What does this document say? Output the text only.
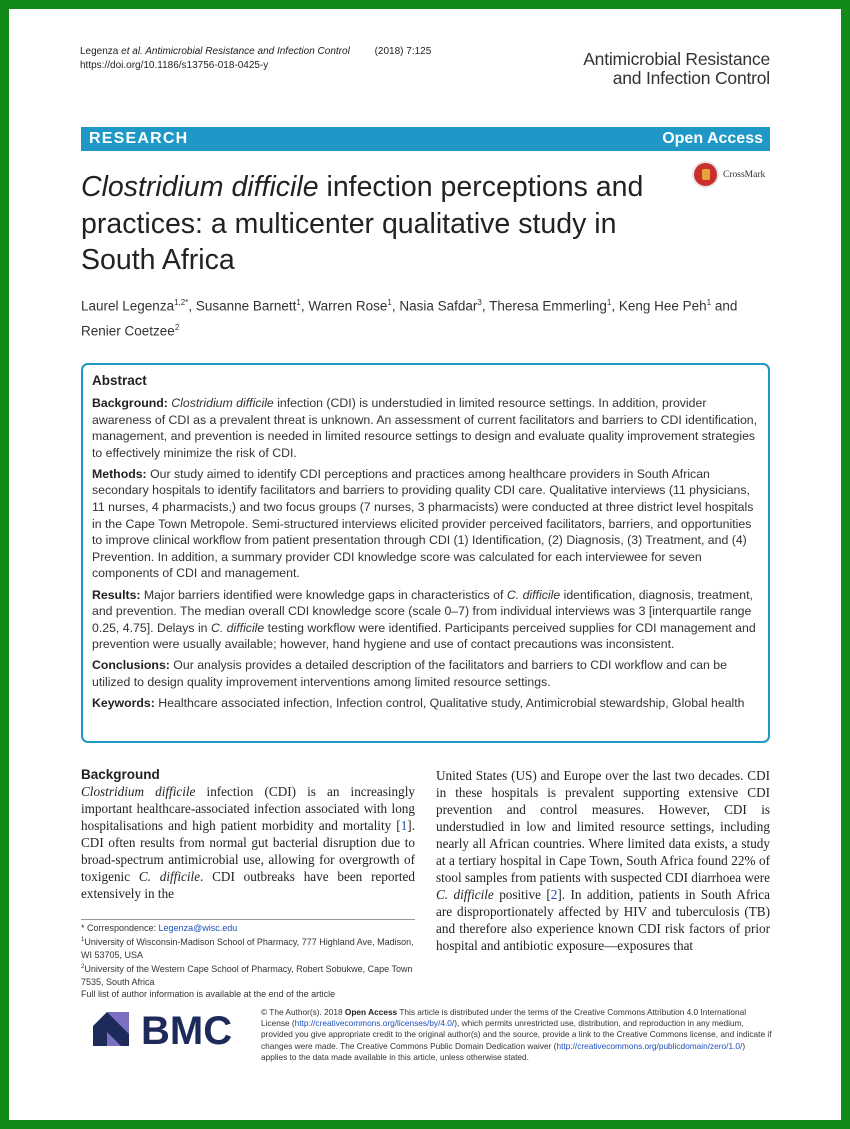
Legenza et al. Antimicrobial Resistance and Infection Control (2018) 7:125
https://doi.org/10.1186/s13756-018-0425-y	Antimicrobial Resistance
and Infection Control
RESEARCH	Open Access
CrossMark
Clostridium difficile infection perceptions and practices: a multicenter qualitative study in South Africa
Laurel Legenza$^{1,2*}$, Susanne Barnett$^1$, Warren Rose$^1$, Nasia Safdar$^3$, Theresa Emmerling$^1$, Keng Hee Peh$^1$ and Renier Coetzee$^2$
Abstract

Background: Clostridium difficile infection (CDI) is understudied in limited resource settings. In addition, provider awareness of CDI as a prevalent threat is unknown. An assessment of current facilitators and barriers to CDI identification, management, and prevention is needed in limited resource settings to design and evaluate quality improvement strategies to effectively minimize the risk of CDI.

Methods: Our study aimed to identify CDI perceptions and practices among healthcare providers in South African secondary hospitals to identify facilitators and barriers to providing quality CDI care. Qualitative interviews (11 physicians, 11 nurses, 4 pharmacists,) and two focus groups (7 nurses, 3 pharmacists) were conducted at three district level hospitals in the Cape Town Metropole. Semi-structured interviews elicited provider perceived facilitators, barriers, and opportunities to improve clinical workflow from patient presentation through CDI (1) Identification, (2) Diagnosis, (3) Treatment, and (4) Prevention. In addition, a summary provider CDI knowledge score was calculated for each interviewee for seven components of CDI and management.

Results: Major barriers identified were knowledge gaps in characteristics of C. difficile identification, diagnosis, treatment, and prevention. The median overall CDI knowledge score (scale 0–7) from individual interviews was 3 [interquartile range 0.25, 4.75]. Delays in C. difficile testing workflow were identified. Participants perceived supplies for CDI management and prevention were usually available; however, hand hygiene and use of contact precautions was inconsistent.

Conclusions: Our analysis provides a detailed description of the facilitators and barriers to CDI workflow and can be utilized to design quality improvement interventions among limited resource settings.

Keywords: Healthcare associated infection, Infection control, Qualitative study, Antimicrobial stewardship, Global health

Background
Clostridium difficile infection (CDI) is an increasingly important healthcare-associated infection associated with long hospitalisations and high patient morbidity and mortality [1]. CDI often results from normal gut bacterial disruption due to broad-spectrum antimicrobial use, allowing for overgrowth of toxigenic C. difficile. CDI outbreaks have been reported extensively in the
United States (US) and Europe over the last two decades. CDI in these hospitals is prevalent supporting extensive CDI prevention and control measures. However, CDI is understudied in low and limited resource settings, including nearly all African countries. Where limited data exists, a study at a tertiary hospital in Cape Town, South Africa found 22% of stool samples from patients with suspected CDI diarrhoea were C. difficile positive [2]. In addition, patients in South Africa are disproportionately affected by HIV and tuberculosis (TB) and therefore also experience known CDI risk factors of prior hospital and antibiotic exposure—exposures that
* Correspondence: Legenza@wisc.edu
$^1$University of Wisconsin-Madison School of Pharmacy, 777 Highland Ave, Madison, WI 53705, USA
$^2$University of the Western Cape School of Pharmacy, Robert Sobukwe, Cape Town 7535, South Africa
Full list of author information is available at the end of the article
BMC	© The Author(s). 2018 Open Access This article is distributed under the terms of the Creative Commons Attribution 4.0 International License (http://creativecommons.org/licenses/by/4.0/), which permits unrestricted use, distribution, and reproduction in any medium, provided you give appropriate credit to the original author(s) and the source, provide a link to the Creative Commons license, and indicate if changes were made. The Creative Commons Public Domain Dedication waiver (http://creativecommons.org/publicdomain/zero/1.0/) applies to the data made available in this article, unless otherwise stated.
